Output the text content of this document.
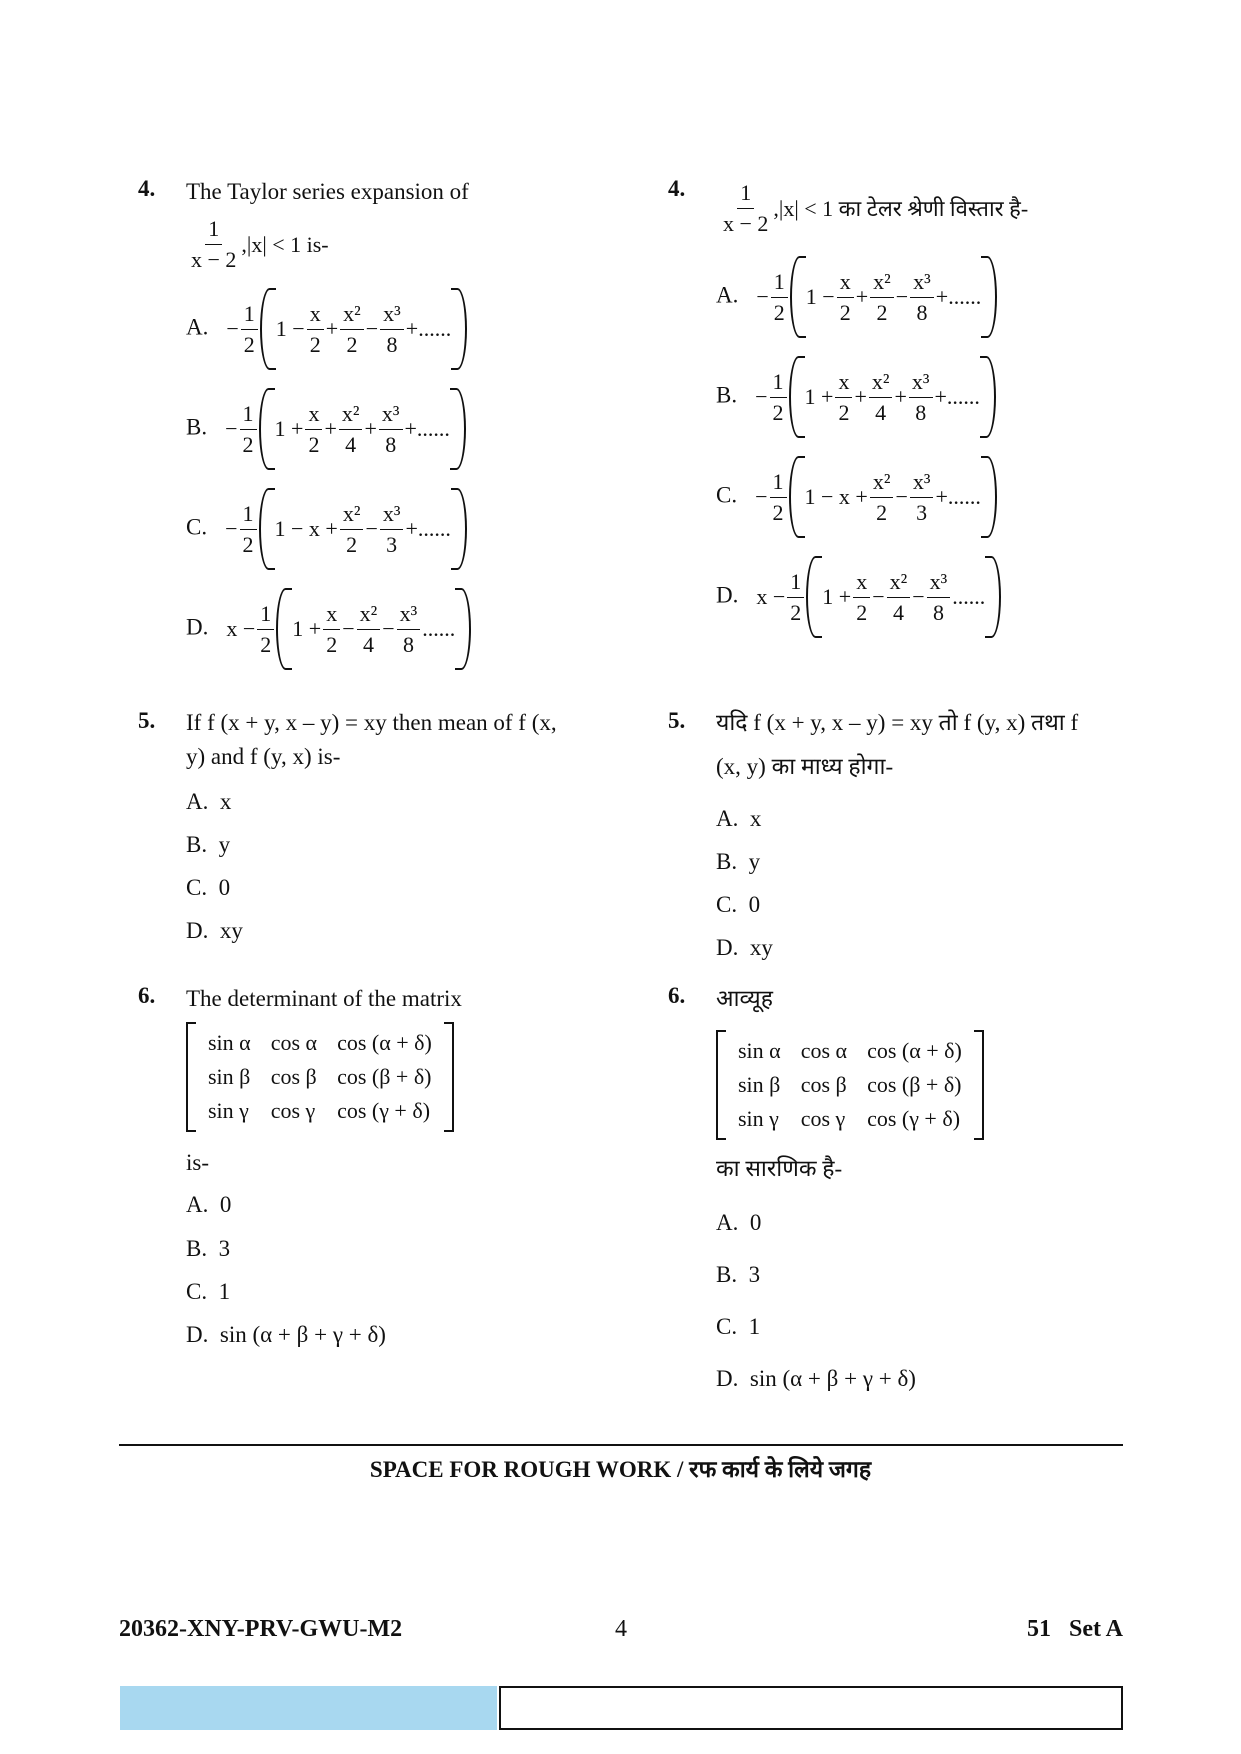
4. The Taylor series expansion of
$\frac{1}{x - 2}$ , |x| < 1 is-
A. − $\frac{1}{2} 1 - \frac{x}{2} + \frac{\text{x²}}{2} - \frac{\text{x³}}{8}$ +......
B. − $\frac{1}{2} 1 + \frac{x}{2} + \frac{\text{x²}}{4} + \frac{\text{x³}}{8}$ +......
C. − $\frac{1}{2} 1 - x + \frac{\text{x²}}{2} - \frac{\text{x³}}{3}$ +......
D. $x - \frac{1}{2} 1 + \frac{x}{2} - \frac{\text{x²}}{4} - \frac{\text{x³}}{8}$ ......
5. If f (x + y, x – y) = xy then mean of f (x,
y) and f (y, x) is-
A. x
B. y
C. 0
D. xy
6. The determinant of the matrix
sin α	cos α	cos (α + δ)
sin β	cos β	cos (β + δ)
sin γ	cos γ	cos (γ + δ)
is-
A. 0
B. 3
C. 1
D. sin (α + β + γ + δ)
4. $\frac{1}{x - 2}$ , |x| < 1 का टेलर श्रेणी विस्तार है-
A. − $\frac{1}{2} 1 - \frac{x}{2} + \frac{\text{x²}}{2} - \frac{\text{x³}}{8}$ +......
B. − $\frac{1}{2} 1 + \frac{x}{2} + \frac{\text{x²}}{4} + \frac{\text{x³}}{8}$ +......
C. − $\frac{1}{2} 1 - x + \frac{\text{x²}}{2} - \frac{\text{x³}}{3}$ +......
D. $x - \frac{1}{2} 1 + \frac{x}{2} - \frac{\text{x²}}{4} - \frac{\text{x³}}{8}$ ......
5. यदि f (x + y, x – y) = xy तो f (y, x) तथा f
(x, y) का माध्य होगा-
A. x
B. y
C. 0
D. xy
6. आव्यूह
sin α	cos α	cos (α + δ)
sin β	cos β	cos (β + δ)
sin γ	cos γ	cos (γ + δ)
का सारणिक है-
A. 0
B. 3
C. 1
D. sin (α + β + γ + δ)
SPACE FOR ROUGH WORK / रफ कार्य के लिये जगह
20362-XNY-PRV-GWU-M2	4	51   Set A
